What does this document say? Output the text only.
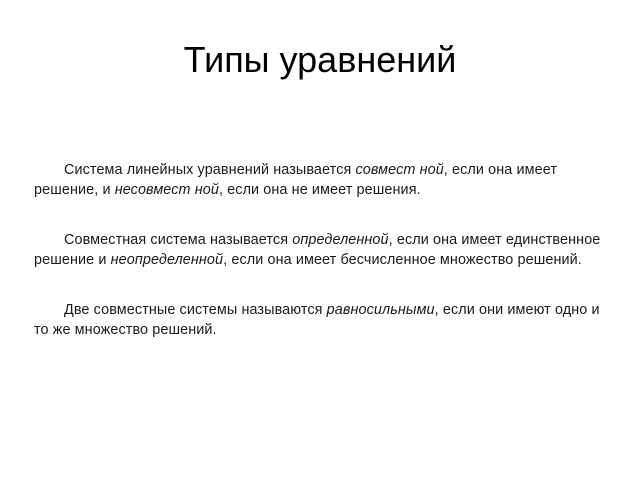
Типы уравнений

Система линейных уравнений называется совмест ной, если она имеет решение, и несовмест ной, если она не имеет решения.

Совместная система называется определенной, если она имеет единственное решение и неопределенной, если она имеет бесчисленное множество решений.

Две совместные системы называются равносильными, если они имеют одно и то же множество решений.
